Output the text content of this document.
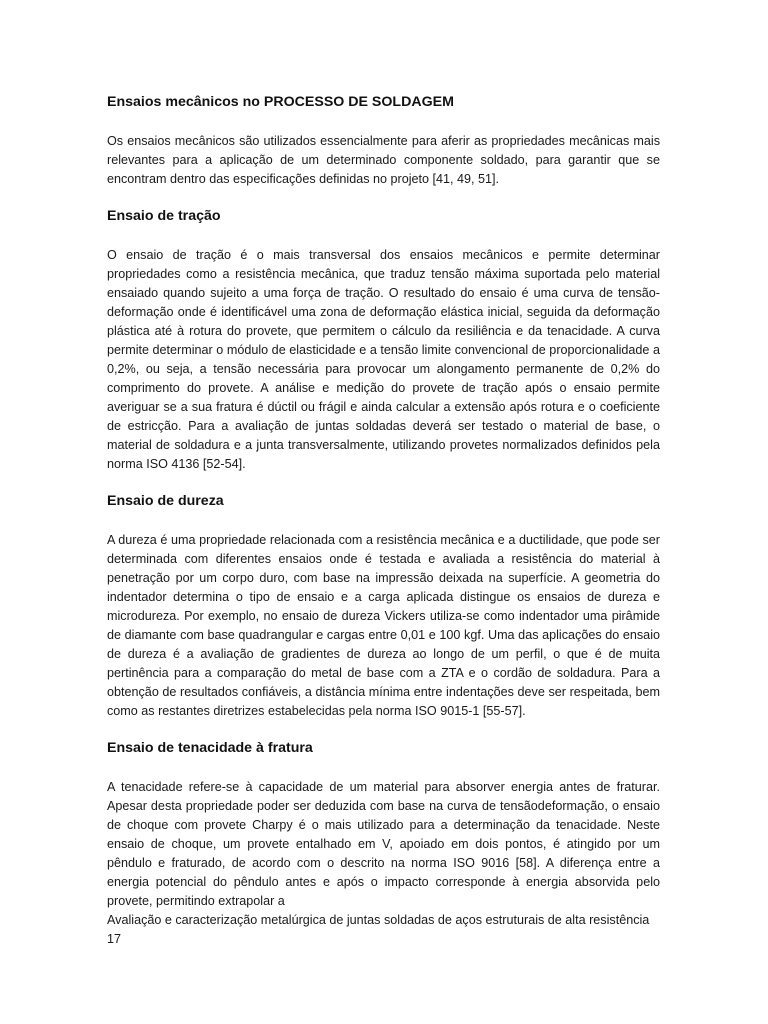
Ensaios mecânicos no PROCESSO DE SOLDAGEM

Os ensaios mecânicos são utilizados essencialmente para aferir as propriedades mecânicas mais relevantes para a aplicação de um determinado componente soldado, para garantir que se encontram dentro das especificações definidas no projeto [41, 49, 51].

Ensaio de tração

O ensaio de tração é o mais transversal dos ensaios mecânicos e permite determinar propriedades como a resistência mecânica, que traduz tensão máxima suportada pelo material ensaiado quando sujeito a uma força de tração. O resultado do ensaio é uma curva de tensão-deformação onde é identificável uma zona de deformação elástica inicial, seguida da deformação plástica até à rotura do provete, que permitem o cálculo da resiliência e da tenacidade. A curva permite determinar o módulo de elasticidade e a tensão limite convencional de proporcionalidade a 0,2%, ou seja, a tensão necessária para provocar um alongamento permanente de 0,2% do comprimento do provete. A análise e medição do provete de tração após o ensaio permite averiguar se a sua fratura é dúctil ou frágil e ainda calcular a extensão após rotura e o coeficiente de estricção. Para a avaliação de juntas soldadas deverá ser testado o material de base, o material de soldadura e a junta transversalmente, utilizando provetes normalizados definidos pela norma ISO 4136 [52-54].

Ensaio de dureza

A dureza é uma propriedade relacionada com a resistência mecânica e a ductilidade, que pode ser determinada com diferentes ensaios onde é testada e avaliada a resistência do material à penetração por um corpo duro, com base na impressão deixada na superfície. A geometria do indentador determina o tipo de ensaio e a carga aplicada distingue os ensaios de dureza e microdureza. Por exemplo, no ensaio de dureza Vickers utiliza-se como indentador uma pirâmide de diamante com base quadrangular e cargas entre 0,01 e 100 kgf. Uma das aplicações do ensaio de dureza é a avaliação de gradientes de dureza ao longo de um perfil, o que é de muita pertinência para a comparação do metal de base com a ZTA e o cordão de soldadura. Para a obtenção de resultados confiáveis, a distância mínima entre indentações deve ser respeitada, bem como as restantes diretrizes estabelecidas pela norma ISO 9015-1 [55-57].

Ensaio de tenacidade à fratura

A tenacidade refere-se à capacidade de um material para absorver energia antes de fraturar. Apesar desta propriedade poder ser deduzida com base na curva de tensãodeformação, o ensaio de choque com provete Charpy é o mais utilizado para a determinação da tenacidade. Neste ensaio de choque, um provete entalhado em V, apoiado em dois pontos, é atingido por um pêndulo e fraturado, de acordo com o descrito na norma ISO 9016 [58]. A diferença entre a energia potencial do pêndulo antes e após o impacto corresponde à energia absorvida pelo provete, permitindo extrapolar a

Avaliação e caracterização metalúrgica de juntas soldadas de aços estruturais de alta resistência

17
